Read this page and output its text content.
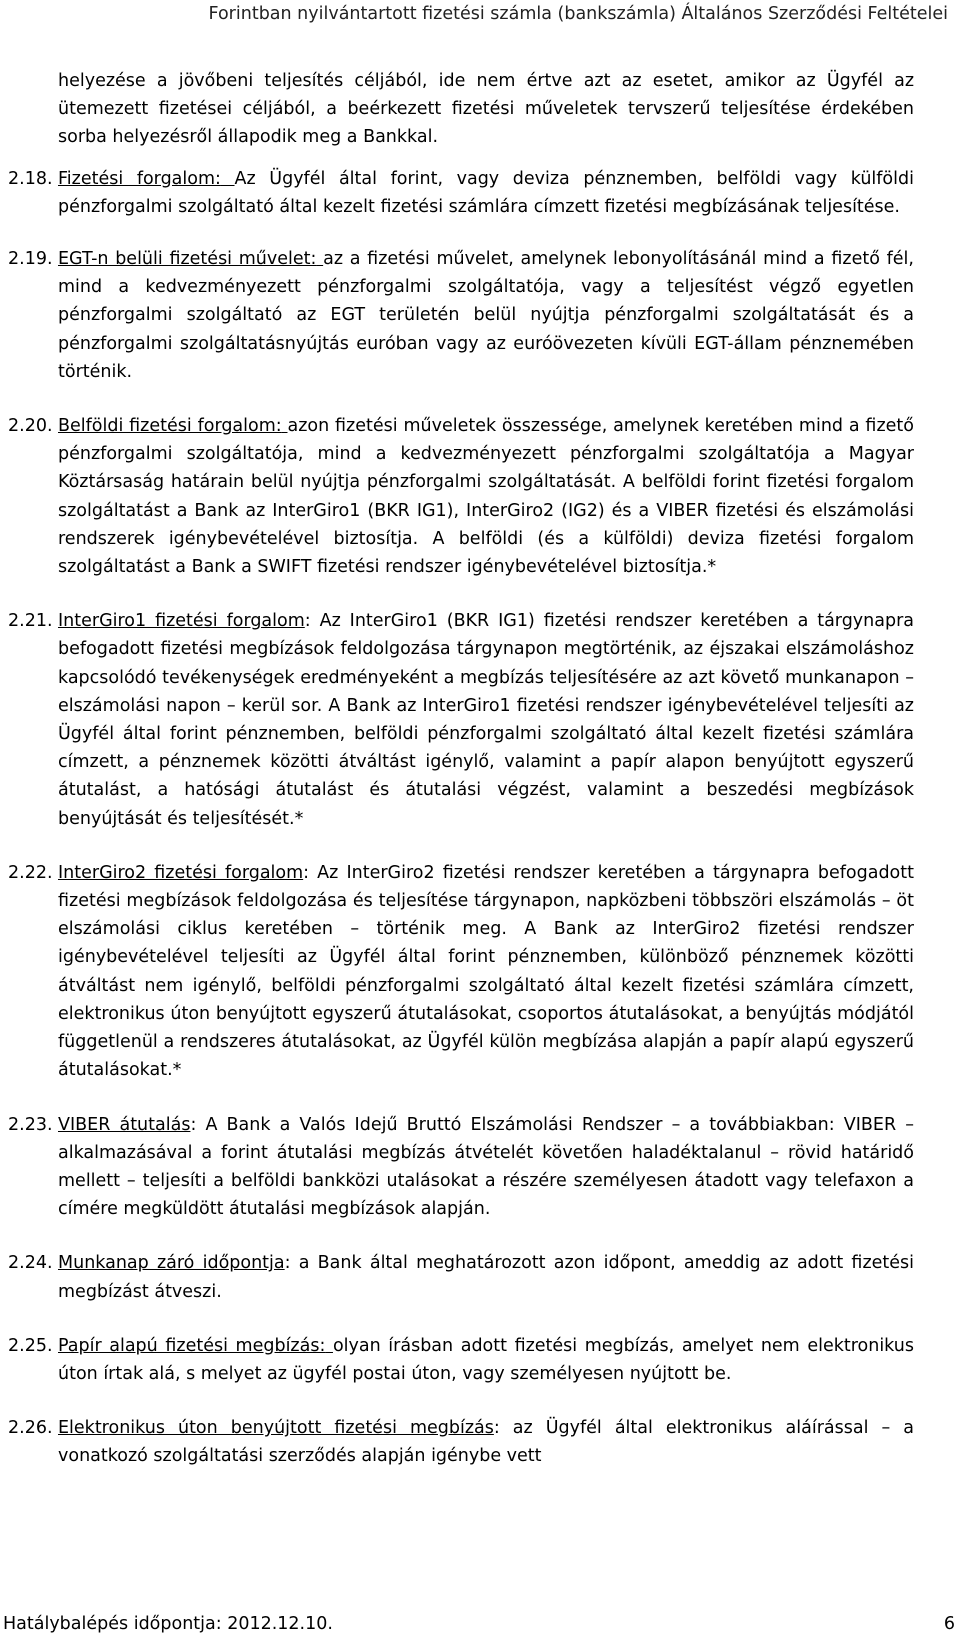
Forintban nyilvántartott fizetési számla (bankszámla) Általános Szerződési Feltételei

helyezése a jövőbeni teljesítés céljából, ide nem értve azt az esetet, amikor az Ügyfél az ütemezett fizetései céljából, a beérkezett fizetési műveletek tervszerű teljesítése érdekében sorba helyezésről állapodik meg a Bankkal.

2.18. Fizetési forgalom: Az Ügyfél által forint, vagy deviza pénznemben, belföldi vagy külföldi pénzforgalmi szolgáltató által kezelt fizetési számlára címzett fizetési megbízásának teljesítése.
2.19. EGT-n belüli fizetési művelet: az a fizetési művelet, amelynek lebonyolításánál mind a fizető fél, mind a kedvezményezett pénzforgalmi szolgáltatója, vagy a teljesítést végző egyetlen pénzforgalmi szolgáltató az EGT területén belül nyújtja pénzforgalmi szolgáltatását és a pénzforgalmi szolgáltatásnyújtás euróban vagy az euróövezeten kívüli EGT-állam pénznemében történik.
2.20. Belföldi fizetési forgalom: azon fizetési műveletek összessége, amelynek keretében mind a fizető pénzforgalmi szolgáltatója, mind a kedvezményezett pénzforgalmi szolgáltatója a Magyar Köztársaság határain belül nyújtja pénzforgalmi szolgáltatását. A belföldi forint fizetési forgalom szolgáltatást a Bank az InterGiro1 (BKR IG1), InterGiro2 (IG2) és a VIBER fizetési és elszámolási rendszerek igénybevételével biztosítja. A belföldi (és a külföldi) deviza fizetési forgalom szolgáltatást a Bank a SWIFT fizetési rendszer igénybevételével biztosítja.*
2.21. InterGiro1 fizetési forgalom: Az InterGiro1 (BKR IG1) fizetési rendszer keretében a tárgynapra befogadott fizetési megbízások feldolgozása tárgynapon megtörténik, az éjszakai elszámoláshoz kapcsolódó tevékenységek eredményeként a megbízás teljesítésére az azt követő munkanapon – elszámolási napon – kerül sor. A Bank az InterGiro1 fizetési rendszer igénybevételével teljesíti az Ügyfél által forint pénznemben, belföldi pénzforgalmi szolgáltató által kezelt fizetési számlára címzett, a pénznemek közötti átváltást igénylő, valamint a papír alapon benyújtott egyszerű átutalást, a hatósági átutalást és átutalási végzést, valamint a beszedési megbízások benyújtását és teljesítését.*
2.22. InterGiro2 fizetési forgalom: Az InterGiro2 fizetési rendszer keretében a tárgynapra befogadott fizetési megbízások feldolgozása és teljesítése tárgynapon, napközbeni többszöri elszámolás – öt elszámolási ciklus keretében – történik meg. A Bank az InterGiro2 fizetési rendszer igénybevételével teljesíti az Ügyfél által forint pénznemben, különböző pénznemek közötti átváltást nem igénylő, belföldi pénzforgalmi szolgáltató által kezelt fizetési számlára címzett, elektronikus úton benyújtott egyszerű átutalásokat, csoportos átutalásokat, a benyújtás módjától függetlenül a rendszeres átutalásokat, az Ügyfél külön megbízása alapján a papír alapú egyszerű átutalásokat.*
2.23. VIBER átutalás: A Bank a Valós Idejű Bruttó Elszámolási Rendszer – a továbbiakban: VIBER – alkalmazásával a forint átutalási megbízás átvételét követően haladéktalanul – rövid határidő mellett – teljesíti a belföldi bankközi utalásokat a részére személyesen átadott vagy telefaxon a címére megküldött átutalási megbízások alapján.
2.24. Munkanap záró időpontja: a Bank által meghatározott azon időpont, ameddig az adott fizetési megbízást átveszi.
2.25. Papír alapú fizetési megbízás: olyan írásban adott fizetési megbízás, amelyet nem elektronikus úton írtak alá, s melyet az ügyfél postai úton, vagy személyesen nyújtott be.
2.26. Elektronikus úton benyújtott fizetési megbízás: az Ügyfél által elektronikus aláírással – a vonatkozó szolgáltatási szerződés alapján igénybe vett
Hatálybalépés időpontja: 2012.12.10.	6
